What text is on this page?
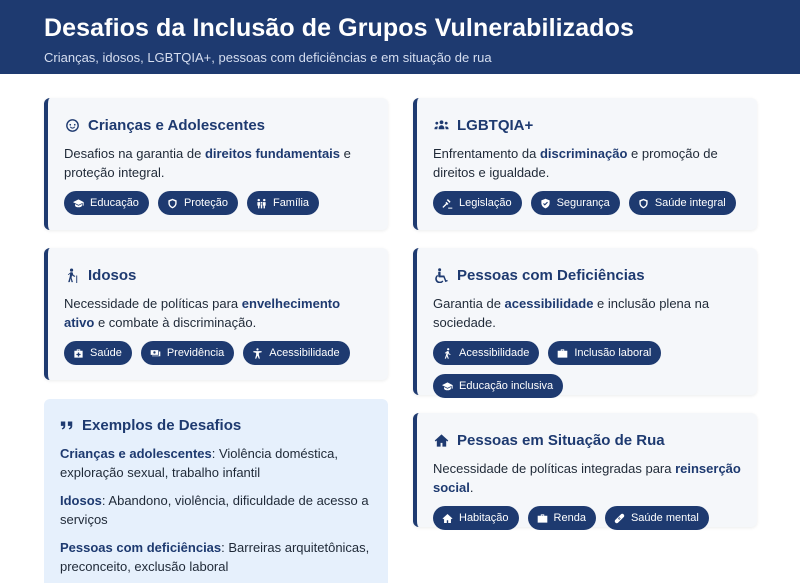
Desafios da Inclusão de Grupos Vulnerabilizados
Crianças, idosos, LGBTQIA+, pessoas com deficiências e em situação de rua
Crianças e Adolescentes
Desafios na garantia de direitos fundamentais e proteção integral.
Educação	Proteção	Família
Idosos
Necessidade de políticas para envelhecimento ativo e combate à discriminação.
Saúde	Previdência	Acessibilidade
LGBTQIA+
Enfrentamento da discriminação e promoção de direitos e igualdade.
Legislação	Segurança	Saúde integral
Pessoas com Deficiências
Garantia de acessibilidade e inclusão plena na sociedade.
Acessibilidade	Inclusão laboral
Educação inclusiva
Exemplos de Desafios
Crianças e adolescentes: Violência doméstica, exploração sexual, trabalho infantil
Idosos: Abandono, violência, dificuldade de acesso a serviços
Pessoas com deficiências: Barreiras arquitetônicas, preconceito, exclusão laboral
Pessoas em Situação de Rua
Necessidade de políticas integradas para reinserção social.
Habitação	Renda	Saúde mental
